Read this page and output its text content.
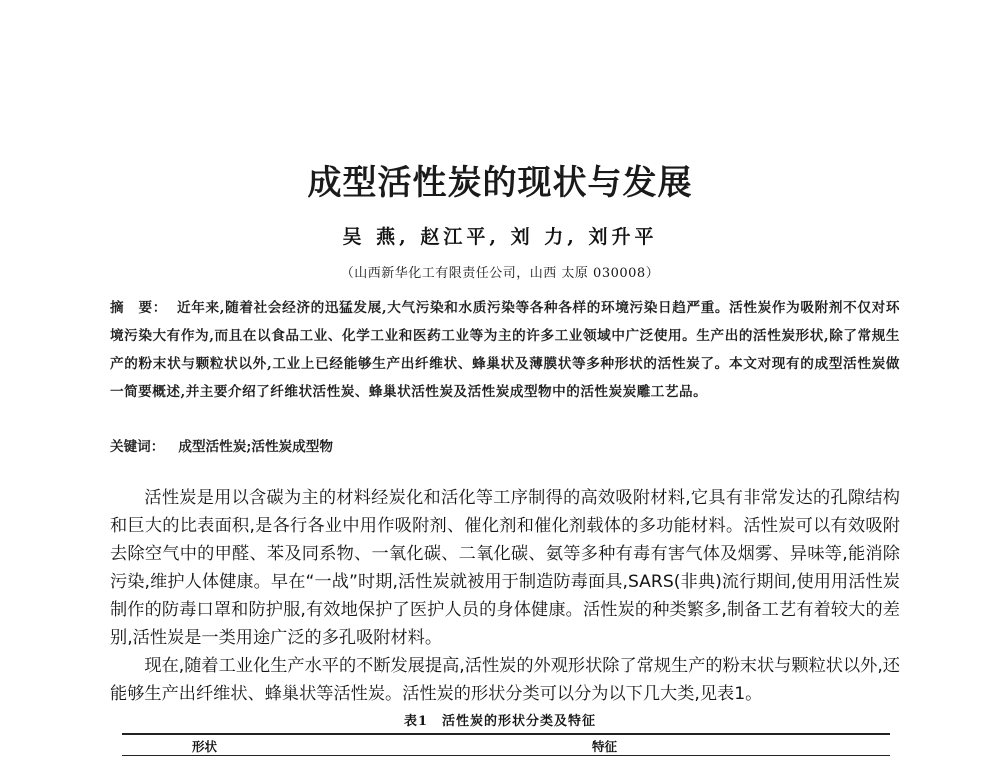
成型活性炭的现状与发展
吴 燕, 赵江平, 刘 力, 刘升平
（山西新华化工有限责任公司，山西 太原 030008）
摘　要： 近年来,随着社会经济的迅猛发展,大气污染和水质污染等各种各样的环境污染日趋严重。活性炭作为吸附剂不仅对环境污染大有作为,而且在以食品工业、化学工业和医药工业等为主的许多工业领域中广泛使用。生产出的活性炭形状,除了常规生产的粉末状与颗粒状以外,工业上已经能够生产出纤维状、蜂巢状及薄膜状等多种形状的活性炭了。本文对现有的成型活性炭做一简要概述,并主要介绍了纤维状活性炭、蜂巢状活性炭及活性炭成型物中的活性炭炭雕工艺品。
关键词： 成型活性炭;活性炭成型物

活性炭是用以含碳为主的材料经炭化和活化等工序制得的高效吸附材料,它具有非常发达的孔隙结构和巨大的比表面积,是各行各业中用作吸附剂、催化剂和催化剂载体的多功能材料。活性炭可以有效吸附去除空气中的甲醛、苯及同系物、一氧化碳、二氧化碳、氨等多种有毒有害气体及烟雾、异味等,能消除污染,维护人体健康。早在“一战”时期,活性炭就被用于制造防毒面具,SARS(非典)流行期间,使用用活性炭制作的防毒口罩和防护服,有效地保护了医护人员的身体健康。活性炭的种类繁多,制备工艺有着较大的差别,活性炭是一类用途广泛的多孔吸附材料。

现在,随着工业化生产水平的不断发展提高,活性炭的外观形状除了常规生产的粉末状与颗粒状以外,还能够生产出纤维状、蜂巢状等活性炭。活性炭的形状分类可以分为以下几大类,见表1。

表1　活性炭的形状分类及特征
形状	特征
